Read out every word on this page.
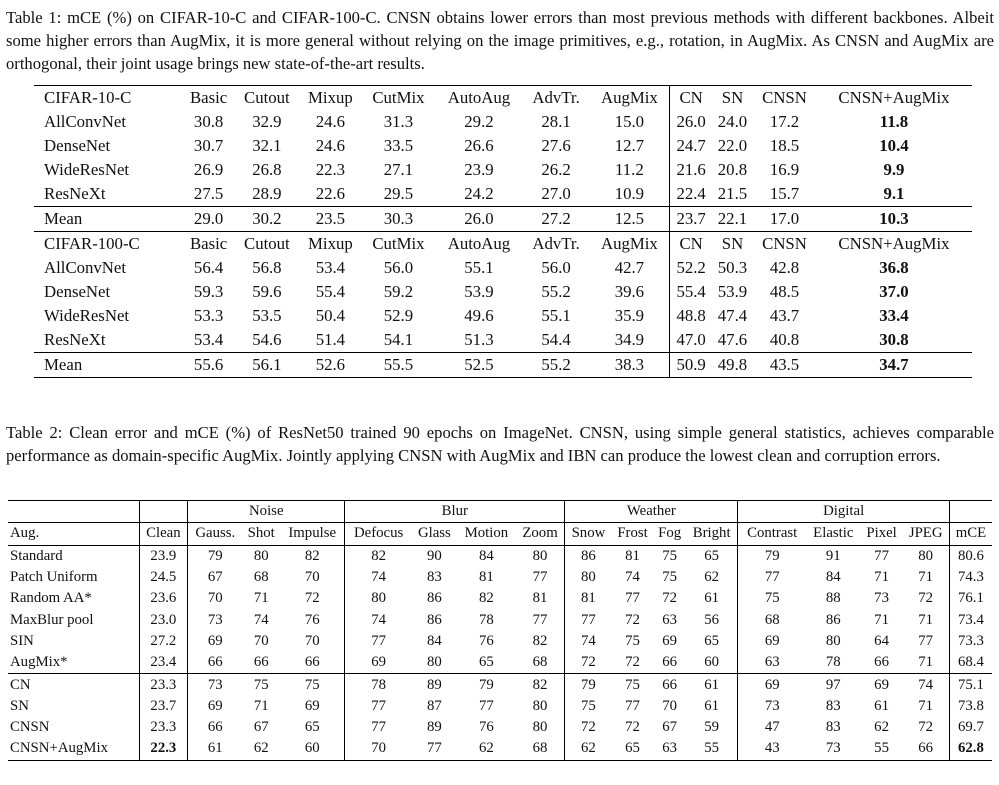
Table 1: mCE (%) on CIFAR-10-C and CIFAR-100-C. CNSN obtains lower errors than most previous methods with different backbones. Albeit some higher errors than AugMix, it is more general without relying on the image primitives, e.g., rotation, in AugMix. As CNSN and AugMix are orthogonal, their joint usage brings new state-of-the-art results.
CIFAR-10-C	Basic	Cutout	Mixup	CutMix	AutoAug	AdvTr.	AugMix	CN	SN	CNSN	CNSN+AugMix
AllConvNet	30.8	32.9	24.6	31.3	29.2	28.1	15.0	26.0	24.0	17.2	11.8
DenseNet	30.7	32.1	24.6	33.5	26.6	27.6	12.7	24.7	22.0	18.5	10.4
WideResNet	26.9	26.8	22.3	27.1	23.9	26.2	11.2	21.6	20.8	16.9	9.9
ResNeXt	27.5	28.9	22.6	29.5	24.2	27.0	10.9	22.4	21.5	15.7	9.1
Mean	29.0	30.2	23.5	30.3	26.0	27.2	12.5	23.7	22.1	17.0	10.3
CIFAR-100-C	Basic	Cutout	Mixup	CutMix	AutoAug	AdvTr.	AugMix	CN	SN	CNSN	CNSN+AugMix
AllConvNet	56.4	56.8	53.4	56.0	55.1	56.0	42.7	52.2	50.3	42.8	36.8
DenseNet	59.3	59.6	55.4	59.2	53.9	55.2	39.6	55.4	53.9	48.5	37.0
WideResNet	53.3	53.5	50.4	52.9	49.6	55.1	35.9	48.8	47.4	43.7	33.4
ResNeXt	53.4	54.6	51.4	54.1	51.3	54.4	34.9	47.0	47.6	40.8	30.8
Mean	55.6	56.1	52.6	55.5	52.5	55.2	38.3	50.9	49.8	43.5	34.7
Table 2: Clean error and mCE (%) of ResNet50 trained 90 epochs on ImageNet. CNSN, using simple general statistics, achieves comparable performance as domain-specific AugMix. Jointly applying CNSN with AugMix and IBN can produce the lowest clean and corruption errors.
		Noise			Blur				Weather				Digital				
Aug.	Clean	Gauss.	Shot	Impulse	Defocus	Glass	Motion	Zoom	Snow	Frost	Fog	Bright	Contrast	Elastic	Pixel	JPEG	mCE
Standard	23.9	79	80	82	82	90	84	80	86	81	75	65	79	91	77	80	80.6
Patch Uniform	24.5	67	68	70	74	83	81	77	80	74	75	62	77	84	71	71	74.3
Random AA*	23.6	70	71	72	80	86	82	81	81	77	72	61	75	88	73	72	76.1
MaxBlur pool	23.0	73	74	76	74	86	78	77	77	72	63	56	68	86	71	71	73.4
SIN	27.2	69	70	70	77	84	76	82	74	75	69	65	69	80	64	77	73.3
AugMix*	23.4	66	66	66	69	80	65	68	72	72	66	60	63	78	66	71	68.4
CN	23.3	73	75	75	78	89	79	82	79	75	66	61	69	97	69	74	75.1
SN	23.7	69	71	69	77	87	77	80	75	77	70	61	73	83	61	71	73.8
CNSN	23.3	66	67	65	77	89	76	80	72	72	67	59	47	83	62	72	69.7
CNSN+AugMix	22.3	61	62	60	70	77	62	68	62	65	63	55	43	73	55	66	62.8
